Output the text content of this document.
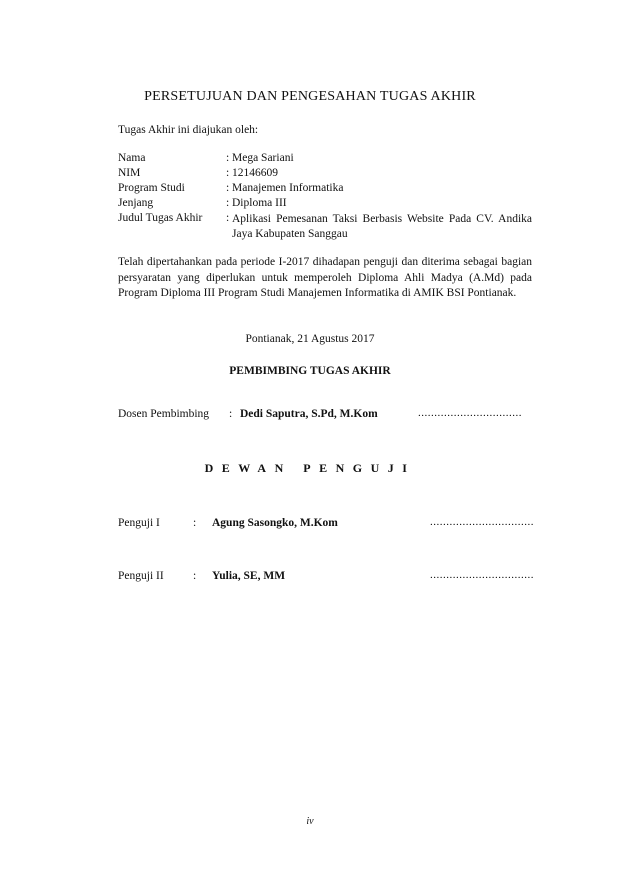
PERSETUJUAN DAN PENGESAHAN TUGAS AKHIR
Tugas Akhir ini diajukan oleh:
Nama	: Mega Sariani
NIM	: 12146609
Program Studi	: Manajemen Informatika
Jenjang	: Diploma III
Judul Tugas Akhir : Aplikasi Pemesanan Taksi Berbasis Website Pada CV. Andika Jaya Kabupaten Sanggau
Telah dipertahankan pada periode I-2017 dihadapan penguji dan diterima sebagai bagian persyaratan yang diperlukan untuk memperoleh Diploma Ahli Madya (A.Md) pada Program Diploma III Program Studi Manajemen Informatika di AMIK BSI Pontianak.
Pontianak, 21 Agustus 2017
PEMBIMBING TUGAS AKHIR
Dosen Pembimbing : Dedi Saputra, S.Pd, M.Kom	................................
DEWAN PENGUJI
Penguji I	: Agung Sasongko, M.Kom	................................
Penguji II	: Yulia, SE, MM	................................
iv
